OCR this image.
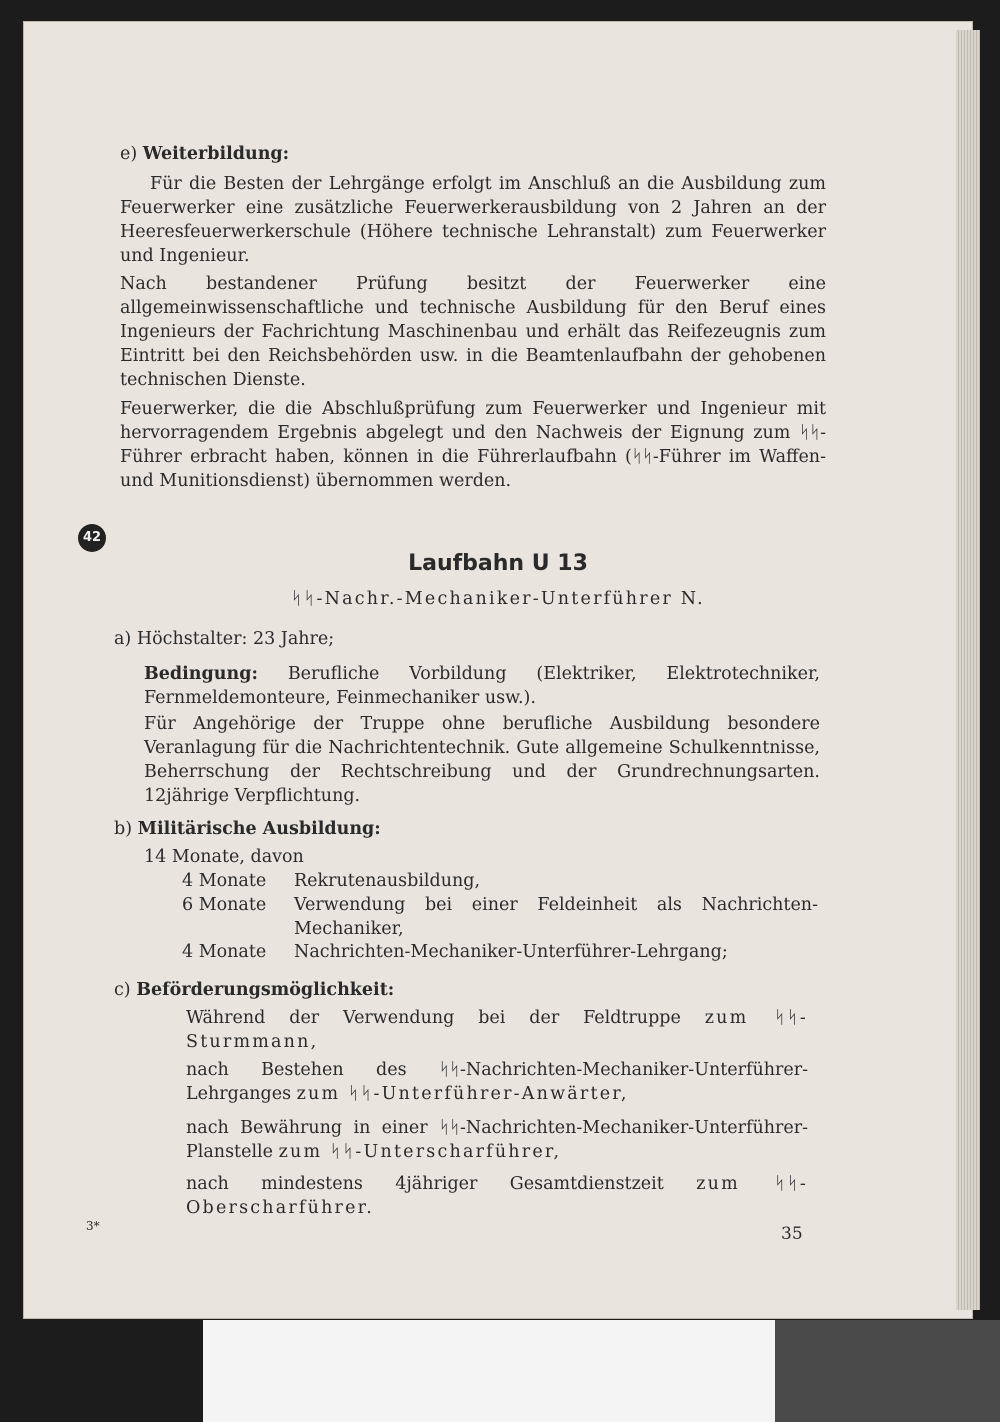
e) Weiterbildung:

Für die Besten der Lehrgänge erfolgt im Anschluß an die Ausbildung zum Feuerwerker eine zusätzliche Feuerwerkerausbildung von 2 Jahren an der Heeresfeuerwerkerschule (Höhere technische Lehranstalt) zum Feuerwerker und Ingenieur.

Nach bestandener Prüfung besitzt der Feuerwerker eine allgemeinwissenschaftliche und technische Ausbildung für den Beruf eines Ingenieurs der Fachrichtung Maschinenbau und erhält das Reifezeugnis zum Eintritt bei den Reichsbehörden usw. in die Beamtenlaufbahn der gehobenen technischen Dienste.

Feuerwerker, die die Abschlußprüfung zum Feuerwerker und Ingenieur mit hervorragendem Ergebnis abgelegt und den Nachweis der Eignung zum ᛋᛋ-Führer erbracht haben, können in die Führerlaufbahn (ᛋᛋ-Führer im Waffen- und Munitionsdienst) übernommen werden.

42
Laufbahn U 13
ᛋᛋ-Nachr.-Mechaniker-Unterführer N.
a) Höchstalter: 23 Jahre;

Bedingung: Berufliche Vorbildung (Elektriker, Elektrotechniker, Fernmeldemonteure, Feinmechaniker usw.).

Für Angehörige der Truppe ohne berufliche Ausbildung besondere Veranlagung für die Nachrichtentechnik. Gute allgemeine Schulkenntnisse, Beherrschung der Rechtschreibung und der Grundrechnungsarten. 12jährige Verpflichtung.

b) Militärische Ausbildung:
14 Monate, davon
4 Monate	Rekrutenausbildung,
6 Monate	Verwendung bei einer Feldeinheit als Nachrichten-Mechaniker,
4 Monate	Nachrichten-Mechaniker-Unterführer-Lehrgang;
c) Beförderungsmöglichkeit:

Während der Verwendung bei der Feldtruppe zum ᛋᛋ-Sturmmann,

nach Bestehen des ᛋᛋ-Nachrichten-Mechaniker-Unterführer-Lehrganges zum ᛋᛋ-Unterführer-Anwärter,

nach Bewährung in einer ᛋᛋ-Nachrichten-Mechaniker-Unterführer-Planstelle zum ᛋᛋ-Unterscharführer,

nach mindestens 4jähriger Gesamtdienstzeit zum ᛋᛋ-Oberscharführer.

3*	35
